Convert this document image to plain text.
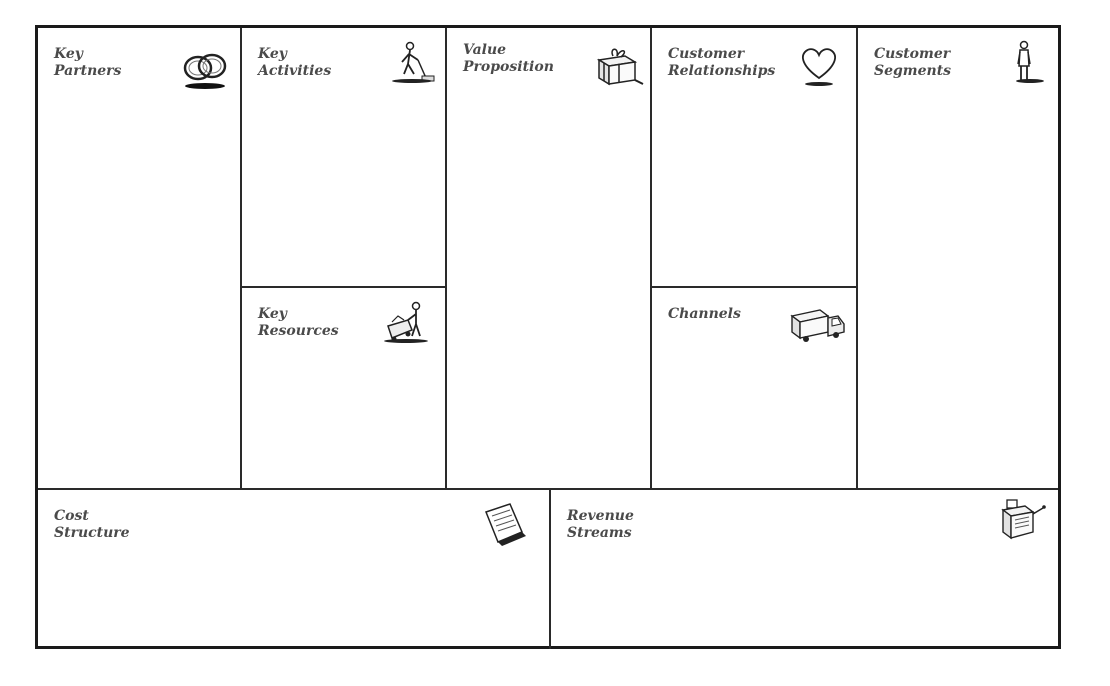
Key
Partners
Key
Activities
Key
Resources
Value
Proposition
Customer
Relationships
Channels
Customer
Segments
Cost
Structure
Revenue
Streams
